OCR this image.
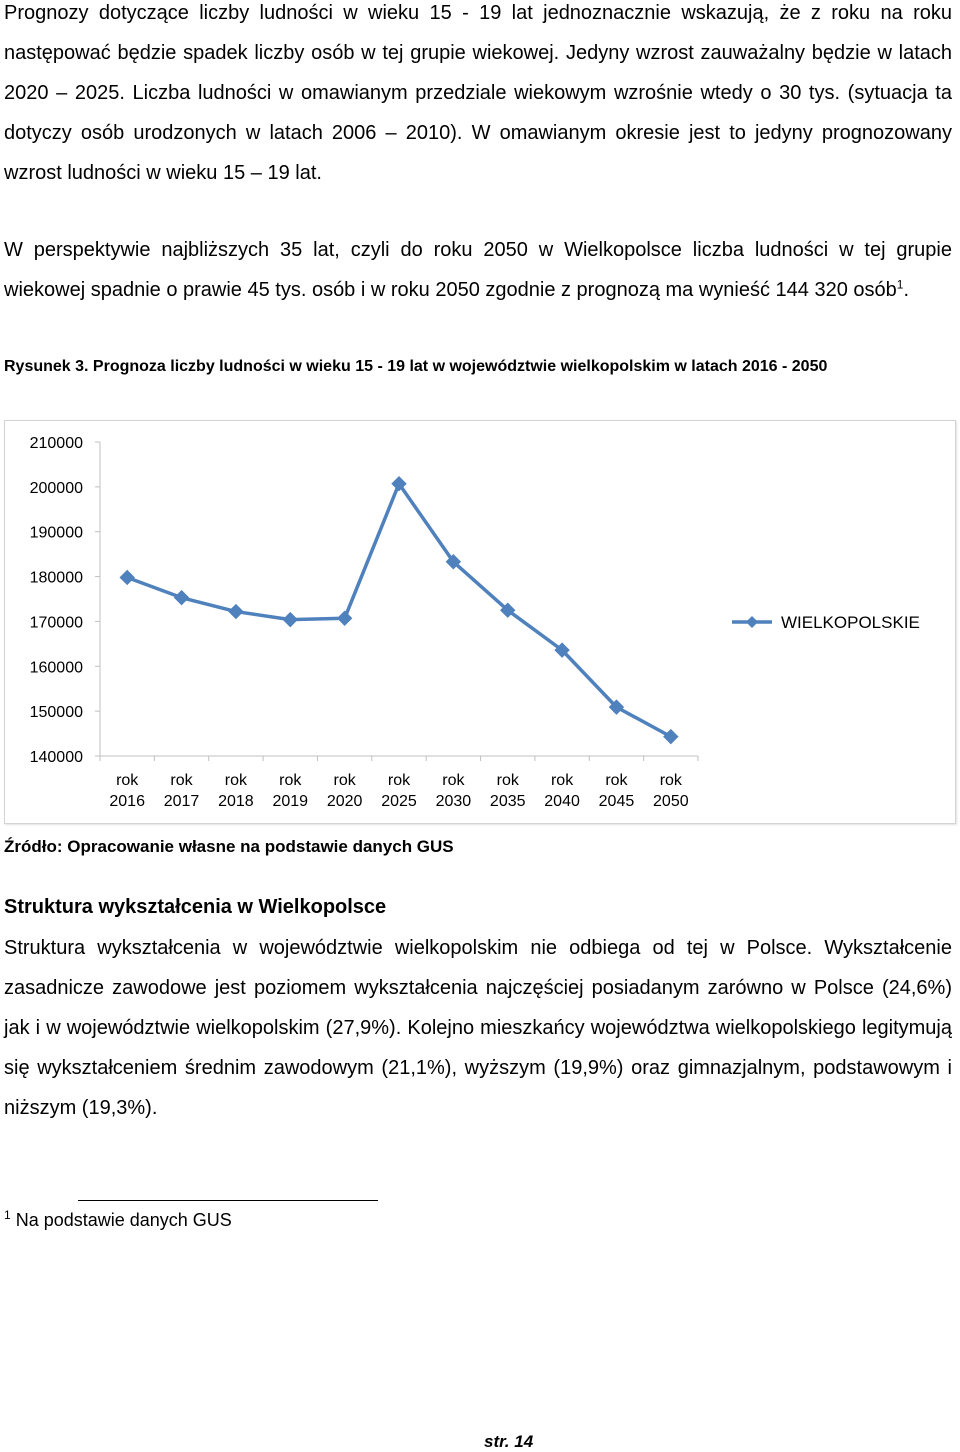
Prognozy dotyczące liczby ludności w wieku 15 - 19 lat jednoznacznie wskazują, że z roku na roku następować będzie spadek liczby osób w tej grupie wiekowej. Jedyny wzrost zauważalny będzie w latach 2020 – 2025. Liczba ludności w omawianym przedziale wiekowym wzrośnie wtedy o 30 tys. (sytuacja ta dotyczy osób urodzonych w latach 2006 – 2010). W omawianym okresie jest to jedyny prognozowany wzrost ludności w wieku 15 – 19 lat.

W perspektywie najbliższych 35 lat, czyli do roku 2050 w Wielkopolsce liczba ludności w tej grupie wiekowej spadnie o prawie 45 tys. osób i w roku 2050 zgodnie z prognozą ma wynieść 144 320 osób$^1$.

Rysunek 3. Prognoza liczby ludności w wieku 15 - 19 lat w województwie wielkopolskim w latach 2016 - 2050

210000
200000
190000
180000
170000
160000
150000
140000
rok 2016
rok 2017
rok 2018
rok 2019
rok 2020
rok 2025
rok 2030
rok 2035
rok 2040
rok 2045
rok 2050
WIELKOPOLSKIE

Źródło: Opracowanie własne na podstawie danych GUS

Struktura wykształcenia w Wielkopolsce

Struktura wykształcenia w województwie wielkopolskim nie odbiega od tej w Polsce. Wykształcenie zasadnicze zawodowe jest poziomem wykształcenia najczęściej posiadanym zarówno w Polsce (24,6%) jak i w województwie wielkopolskim (27,9%). Kolejno mieszkańcy województwa wielkopolskiego legitymują się wykształceniem średnim zawodowym (21,1%), wyższym (19,9%) oraz gimnazjalnym, podstawowym i niższym (19,3%).

$^1$ Na podstawie danych GUS

str. 14
